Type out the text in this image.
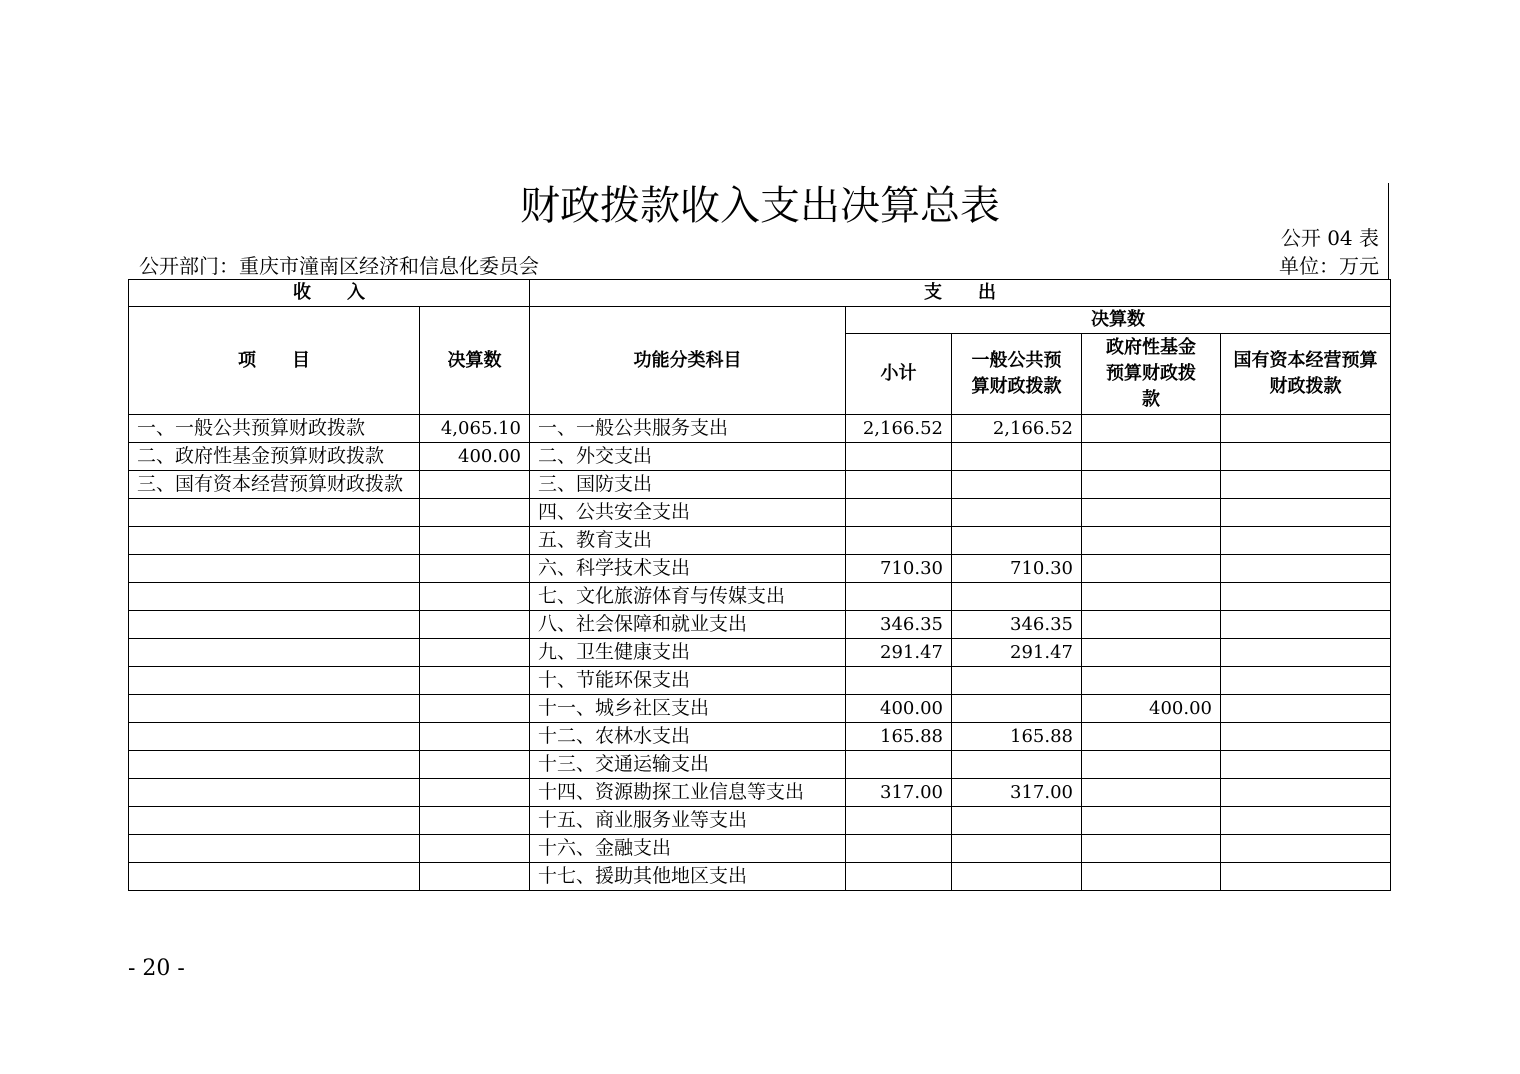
财政拨款收入支出决算总表
公开 04 表
公开部门：重庆市潼南区经济和信息化委员会	单位：万元
收　　入		支　　出				
项　　目	决算数	功能分类科目	决算数			
			小计	一般公共预算财政拨款	政府性基金预算财政拨款	国有资本经营预算财政拨款
一、一般公共预算财政拨款	4,065.10	一、一般公共服务支出	2,166.52	2,166.52		
二、政府性基金预算财政拨款	400.00	二、外交支出				
三、国有资本经营预算财政拨款		三、国防支出				
		四、公共安全支出				
		五、教育支出				
		六、科学技术支出	710.30	710.30		
		七、文化旅游体育与传媒支出				
		八、社会保障和就业支出	346.35	346.35		
		九、卫生健康支出	291.47	291.47		
		十、节能环保支出				
		十一、城乡社区支出	400.00		400.00	
		十二、农林水支出	165.88	165.88		
		十三、交通运输支出				
		十四、资源勘探工业信息等支出	317.00	317.00		
		十五、商业服务业等支出				
		十六、金融支出				
		十七、援助其他地区支出				
- 20 -
